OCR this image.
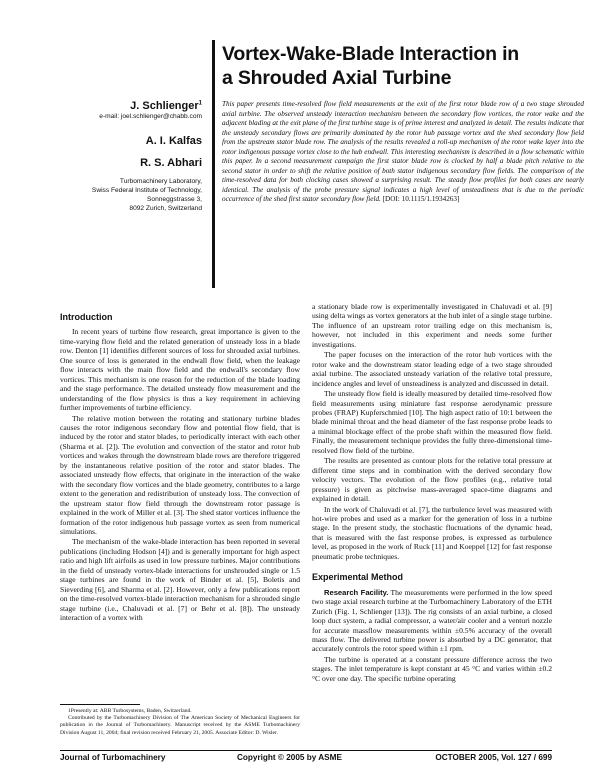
Vortex-Wake-Blade Interaction in
a Shrouded Axial Turbine

J. Schlienger$^1$

e-mail: joel.schlienger@chabb.com

A. I. Kalfas

R. S. Abhari

Turbomachinery Laboratory,
Swiss Federal Institute of Technology,
Sonneggstrasse 3,
8092 Zurich, Switzerland
This paper presents time-resolved flow field measurements at the exit of the first rotor blade row of a two stage shrouded axial turbine. The observed unsteady interaction mechanism between the secondary flow vortices, the rotor wake and the adjacent blading at the exit plane of the first turbine stage is of prime interest and analyzed in detail. The results indicate that the unsteady secondary flows are primarily dominated by the rotor hub passage vortex and the shed secondary flow field from the upstream stator blade row. The analysis of the results revealed a roll-up mechanism of the rotor wake layer into the rotor indigenous passage vortex close to the hub endwall. This interesting mechanism is described in a flow schematic within this paper. In a second measurement campaign the first stator blade row is clocked by half a blade pitch relative to the second stator in order to shift the relative position of both stator indigenous secondary flow fields. The comparison of the time-resolved data for both clocking cases showed a surprising result. The steady flow profiles for both cases are nearly identical. The analysis of the probe pressure signal indicates a high level of unsteadiness that is due to the periodic occurrence of the shed first stator secondary flow field. [DOI: 10.1115/1.1934263]
Introduction

In recent years of turbine flow research, great importance is given to the time-varying flow field and the related generation of unsteady loss in a blade row. Denton [1] identifies different sources of loss for shrouded axial turbines. One source of loss is generated in the endwall flow field, when the leakage flow interacts with the main flow field and the endwall's secondary flow vortices. This mechanism is one reason for the reduction of the blade loading and the stage performance. The detailed unsteady flow measurement and the understanding of the flow physics is thus a key requirement in achieving further improvements of turbine efficiency.

The relative motion between the rotating and stationary turbine blades causes the rotor indigenous secondary flow and potential flow field, that is induced by the rotor and stator blades, to periodically interact with each other (Sharma et al. [2]). The evolution and convection of the stator and rotor hub vortices and wakes through the downstream blade rows are therefore triggered by the instantaneous relative position of the rotor and stator blades. The associated unsteady flow effects, that originate in the interaction of the wake with the secondary flow vortices and the blade geometry, contributes to a large extent to the generation and redistribution of unsteady loss. The convection of the upstream stator flow field through the downstream rotor passage is explained in the work of Miller et al. [3]. The shed stator vortices influence the formation of the rotor indigenous hub passage vortex as seen from numerical simulations.

The mechanism of the wake-blade interaction has been reported in several publications (including Hodson [4]) and is generally important for high aspect ratio and high lift airfoils as used in low pressure turbines. Major contributions in the field of unsteady vortex-blade interactions for unshrouded single or 1.5 stage turbines are found in the work of Binder et al. [5], Boletis and Sieverding [6], and Sharma et al. [2]. However, only a few publications report on the time-resolved vortex-blade interaction mechanism for a shrouded single stage turbine (i.e., Chaluvadi et al. [7] or Behr et al. [8]). The unsteady interaction of a vortex with

1Presently at: ABB Turbosystems, Baden, Switzerland.

Contributed by the Turbomachinery Division of The American Society of Mechanical Engineers for publication in the Journal of Turbomachinery. Manuscript received by the ASME Turbomachinery Division August 11, 2004; final revision received February 21, 2005. Associate Editor: D. Wisler.

a stationary blade row is experimentally investigated in Chaluvadi et al. [9] using delta wings as vortex generators at the hub inlet of a single stage turbine. The influence of an upstream rotor trailing edge on this mechanism is, however, not included in this experiment and needs some further investigations.

The paper focuses on the interaction of the rotor hub vortices with the rotor wake and the downstream stator leading edge of a two stage shrouded axial turbine. The associated unsteady variation of the relative total pressure, incidence angles and level of unsteadiness is analyzed and discussed in detail.

The unsteady flow field is ideally measured by detailed time-resolved flow field measurements using miniature fast response aerodynamic pressure probes (FRAP) Kupferschmied [10]. The high aspect ratio of 10:1 between the blade minimal throat and the head diameter of the fast response probe leads to a minimal blockage effect of the probe shaft within the measured flow field. Finally, the measurement technique provides the fully three-dimensional time-resolved flow field of the turbine.

The results are presented as contour plots for the relative total pressure at different time steps and in combination with the derived secondary flow velocity vectors. The evolution of the flow profiles (e.g., relative total pressure) is given as pitchwise mass-averaged space-time diagrams and explained in detail.

In the work of Chaluvadi et al. [7], the turbulence level was measured with hot-wire probes and used as a marker for the generation of loss in a turbine stage. In the present study, the stochastic fluctuations of the dynamic head, that is measured with the fast response probes, is expressed as turbulence level, as proposed in the work of Ruck [11] and Koeppel [12] for fast response pneumatic probe techniques.

Experimental Method

Research Facility. The measurements were performed in the low speed two stage axial research turbine at the Turbomachinery Laboratory of the ETH Zurich (Fig. 1, Schlienger [13]). The rig consists of an axial turbine, a closed loop duct system, a radial compressor, a water/air cooler and a venturi nozzle for accurate massflow measurements within ±0.5% accuracy of the overall mass flow. The delivered turbine power is absorbed by a DC generator, that accurately controls the rotor speed within ±1 rpm.

The turbine is operated at a constant pressure difference across the two stages. The inlet temperature is kept constant at 45 °C and varies within ±0.2 °C over one day. The specific turbine operating

Journal of Turbomachinery	Copyright © 2005 by ASME	OCTOBER 2005, Vol. 127 / 699
